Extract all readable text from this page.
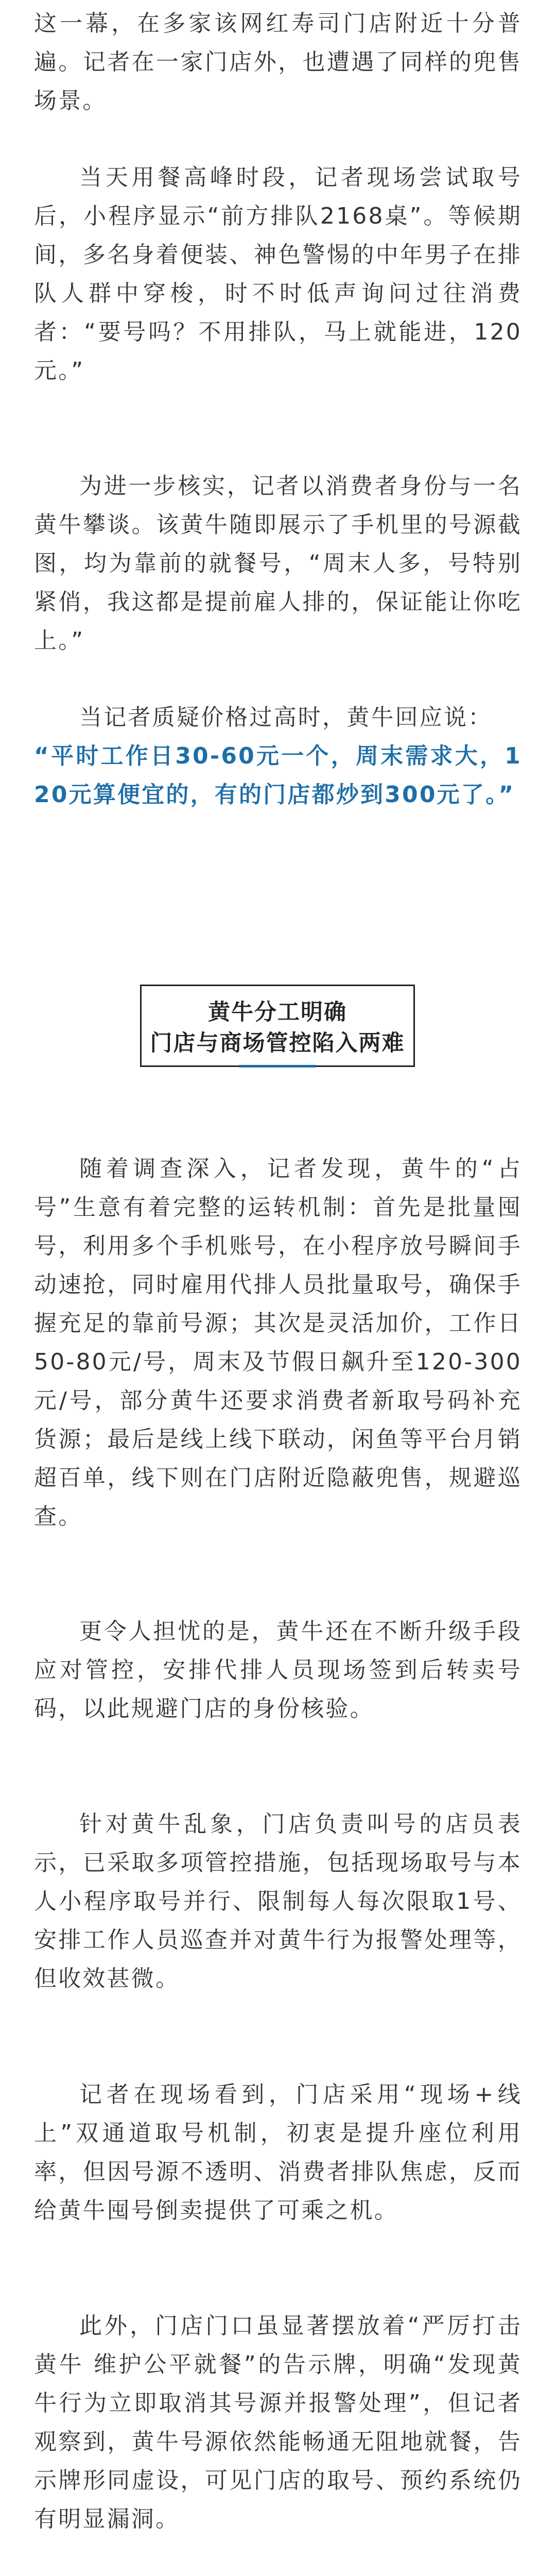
这一幕，在多家该网红寿司门店附近十分普遍。记者在一家门店外，也遭遇了同样的兜售场景。

当天用餐高峰时段，记者现场尝试取号后，小程序显示“前方排队2168桌”。等候期间，多名身着便装、神色警惕的中年男子在排队人群中穿梭，时不时低声询问过往消费者：“要号吗？不用排队，马上就能进，120元。”

为进一步核实，记者以消费者身份与一名黄牛攀谈。该黄牛随即展示了手机里的号源截图，均为靠前的就餐号，“周末人多，号特别紧俏，我这都是提前雇人排的，保证能让你吃上。”

当记者质疑价格过高时，黄牛回应说：

“平时工作日30-60元一个，周末需求大，120元算便宜的，有的门店都炒到300元了。”

黄牛分工明确
门店与商场管控陷入两难

随着调查深入，记者发现，黄牛的“占号”生意有着完整的运转机制：首先是批量囤号，利用多个手机账号，在小程序放号瞬间手动速抢，同时雇用代排人员批量取号，确保手握充足的靠前号源；其次是灵活加价，工作日50-80元/号，周末及节假日飙升至120-300元/号，部分黄牛还要求消费者新取号码补充货源；最后是线上线下联动，闲鱼等平台月销超百单，线下则在门店附近隐蔽兜售，规避巡查。

更令人担忧的是，黄牛还在不断升级手段应对管控，安排代排人员现场签到后转卖号码，以此规避门店的身份核验。

针对黄牛乱象，门店负责叫号的店员表示，已采取多项管控措施，包括现场取号与本人小程序取号并行、限制每人每次限取1号、安排工作人员巡查并对黄牛行为报警处理等，但收效甚微。

记者在现场看到，门店采用“现场+线上”双通道取号机制，初衷是提升座位利用率，但因号源不透明、消费者排队焦虑，反而给黄牛囤号倒卖提供了可乘之机。

此外，门店门口虽显著摆放着“严厉打击黄牛 维护公平就餐”的告示牌，明确“发现黄牛行为立即取消其号源并报警处理”，但记者观察到，黄牛号源依然能畅通无阻地就餐，告示牌形同虚设，可见门店的取号、预约系统仍有明显漏洞。
